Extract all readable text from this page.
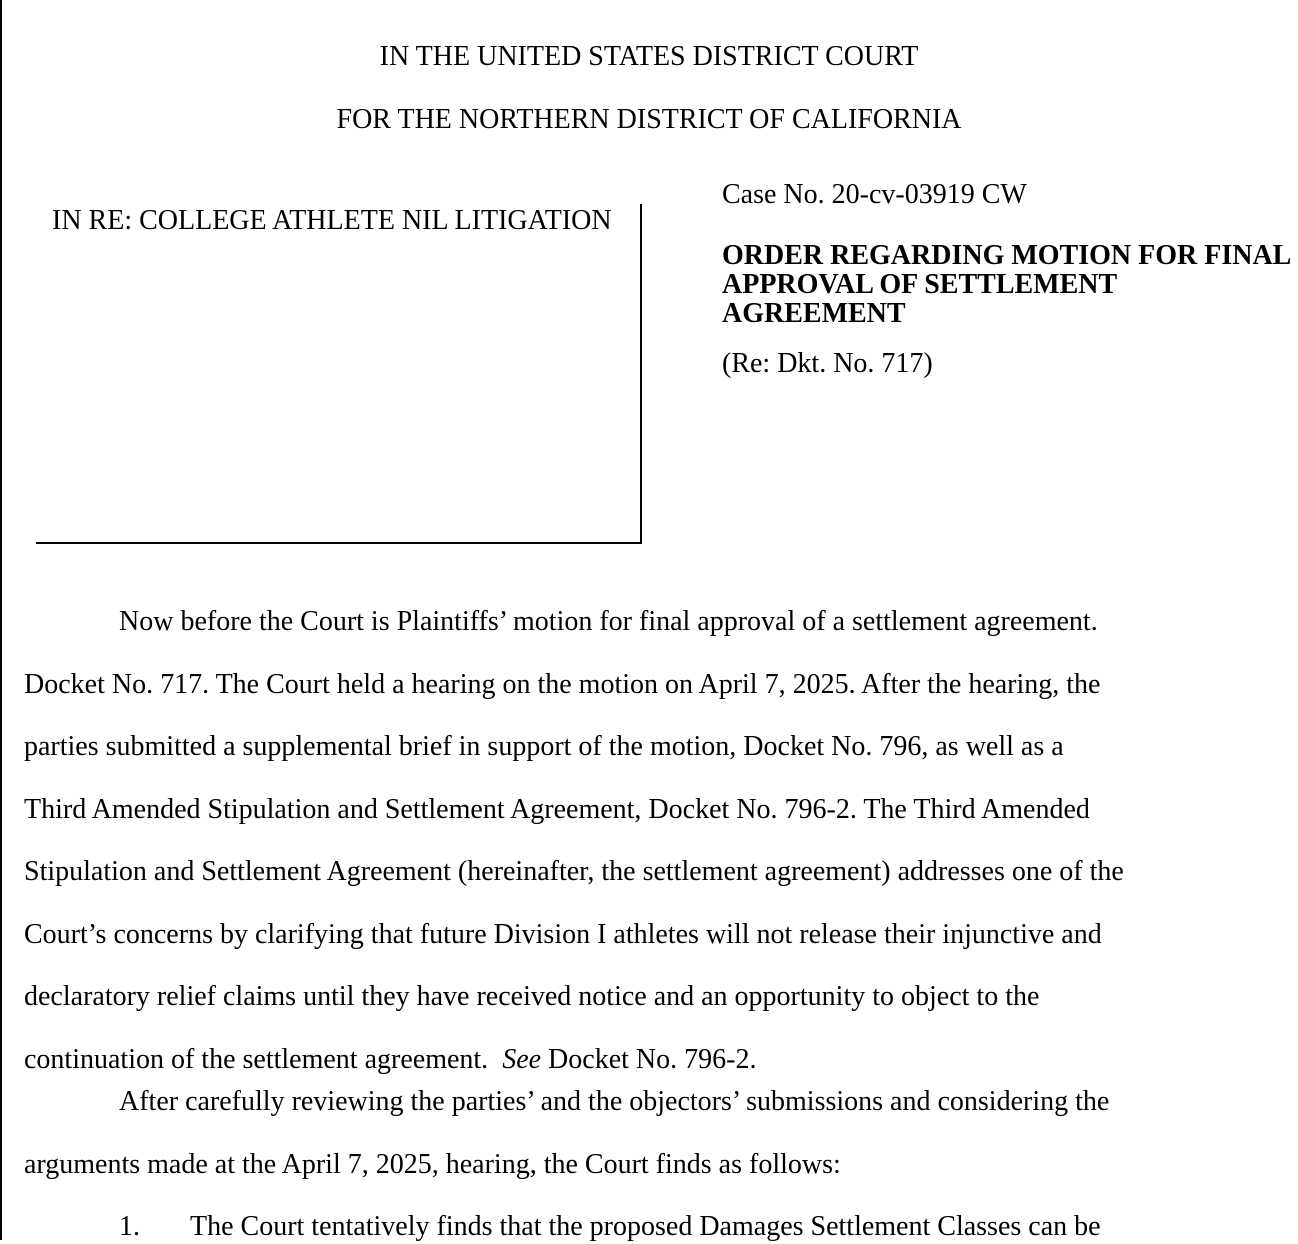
IN THE UNITED STATES DISTRICT COURT
FOR THE NORTHERN DISTRICT OF CALIFORNIA
IN RE: COLLEGE ATHLETE NIL LITIGATION
Case No. 20-cv-03919 CW
ORDER REGARDING MOTION FOR FINAL APPROVAL OF SETTLEMENT AGREEMENT
(Re: Dkt. No. 717)
Now before the Court is Plaintiffs’ motion for final approval of a settlement agreement.
Docket No. 717. The Court held a hearing on the motion on April 7, 2025. After the hearing, the
parties submitted a supplemental brief in support of the motion, Docket No. 796, as well as a
Third Amended Stipulation and Settlement Agreement, Docket No. 796-2. The Third Amended
Stipulation and Settlement Agreement (hereinafter, the settlement agreement) addresses one of the
Court’s concerns by clarifying that future Division I athletes will not release their injunctive and
declaratory relief claims until they have received notice and an opportunity to object to the
continuation of the settlement agreement.  See Docket No. 796-2.
After carefully reviewing the parties’ and the objectors’ submissions and considering the
arguments made at the April 7, 2025, hearing, the Court finds as follows:
1. The Court tentatively finds that the proposed Damages Settlement Classes can be
